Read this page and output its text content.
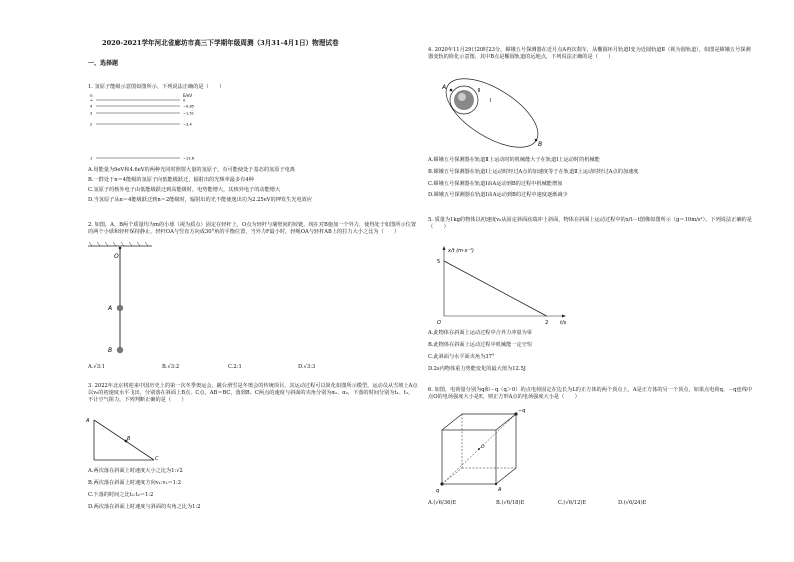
2020-2021学年河北省廊坊市高三下学期年级周测（3月31-4月1日）物理试卷
一、选择题
1. 氢原子能级示意图如图所示，下列说法正确的是（　　）
n	E/eV
∞
4
3
2
1
0
−0.85
−1.51
−3.4
−13.6
A.用能量为9eV和4.6eV的两种光同时照射大量的氢原子，有可能使处于基态的氢原子电离
B.一群处于n＝4能级的氢原子向低能级跃迁，辐射出的光频率最多有4种
C.氢原子的核外电子由低能级跃迁到高能级时，电势能增大，其核外电子的动能增大
D.当氢原子从n＝4能级跃迁到n＝2能级时，辐射出的光不能使逸出功为2.25eV的钾发生光电效应
2. 如图，A、B两个质量均为m的小球（视为质点）固定在轻杆上，O点为轻杆与墙壁间的铰链，现在对B施加一个外力，使得处于如图所示位置的两个小球和轻杆保持静止，轻杆OA与竖直方向成30°角的平衡位置，当外力F最小时，轻绳OA与轻杆AB上的拉力大小之比为（　　）
O
A
B
A.√3:1	B.√3:2	C.2:1	D.√3:3
3. 2022年北京将迎来中国历史上的第一次冬季奥运会，跳台滑雪是冬奥会的传统项目，其运动过程可以简化如图所示模型，运动员从雪坡上A点以v₀的初速度水平飞出，分别落在斜面上B点、C点，AB＝BC，落到B、C两点的速度与斜面的夹角分别为α₁、α₂，下落的时间分别为t₁、t₂，不计空气阻力，下列判断正确的是（　　）
A
B
C
A.两次落在斜面上时速度大小之比为1:√2
B.两次落在斜面上时速度方向v₁:v₂＝1:2
C.下落的时间之比t₁:t₂＝1:2
D.两次落在斜面上时速度与斜面的夹角之比为1:2
4. 2020年11月29日20时23分，嫦娥五号探测器在近月点A再次刹车，从椭圆环月轨道Ⅰ变为近圆轨道Ⅱ（视为圆轨道），如图是嫦娥五号探测器变轨的简化示意图，其中B点是椭圆轨道的远地点，下列说法正确的是（　　）
A
B
Ⅱ
Ⅰ
A.嫦娥五号探测器在轨道Ⅱ上运动时的机械能大于在轨道Ⅰ上运动时的机械能
B.嫦娥五号探测器在轨道Ⅰ上运动时经过A点的加速度等于在轨道Ⅱ上运动时经过A点的加速度
C.嫦娥五号探测器在轨道Ⅰ由A运动到B的过程中机械能增加
D.嫦娥五号探测器在轨道Ⅰ由A运动到B的过程中速度逐渐减少
5. 质量为1kg的物体以初速度v₀从固定斜面底端冲上斜面，物体在斜面上运动过程中的x/t－t图像如图所示（g＝10m/s²），下列说法正确的是（　　）
x/t (m·s⁻¹)
t/s
O
5
2
A.此物体在斜面上运动过程中合外力冲量为零
B.此物体在斜面上运动过程中机械能一定守恒
C.此斜面与水平面夹角为37°
D.2s内物体重力势能变化的最大值为12.5J
6. 如图，电荷量分别为q和－q（q＞0）的点电荷固定在边长为L的正方体的两个顶点上，A是正方体的另一个顶点，如果点电荷q、－q连线中点O的电场强度大小是E，则正方形A点的电场强度大小是（　　）
−q
q
O
A
A.(√6/36)E	B.(√6/18)E	C.(√6/12)E	D.(√6/24)E
